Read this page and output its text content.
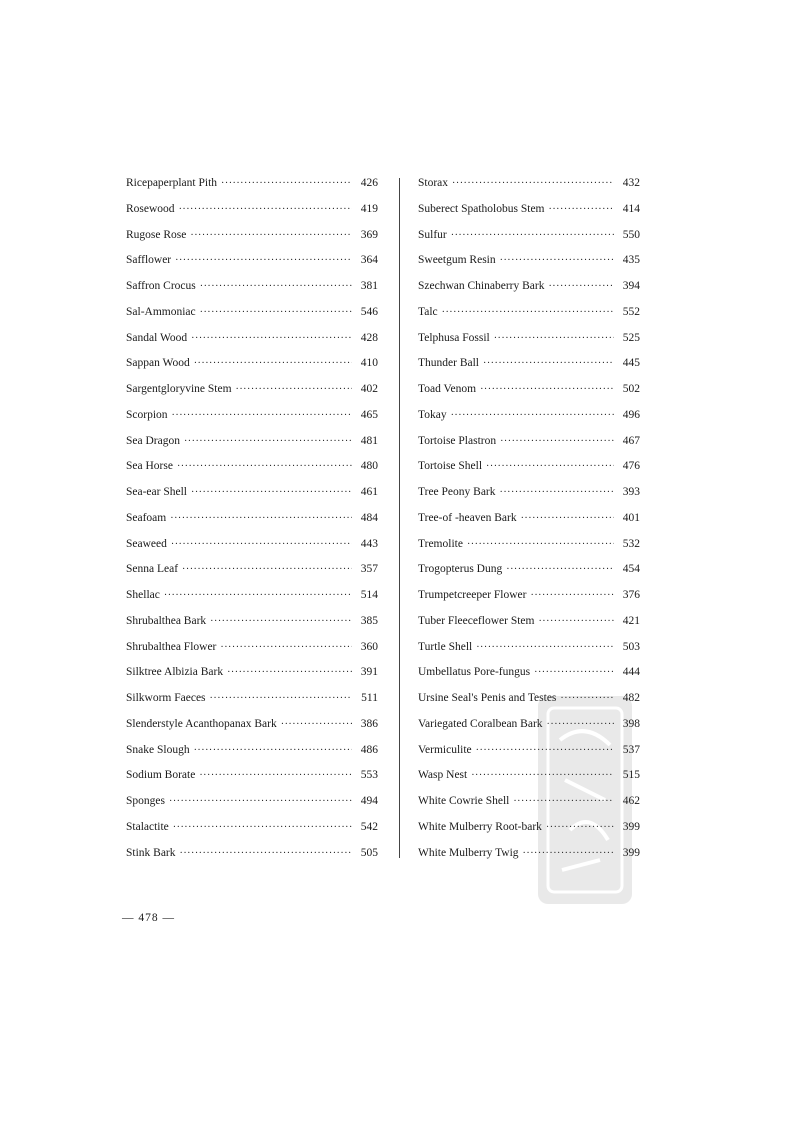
Ricepaperplant Pith ·····	426
Rosewood ·····	419
Rugose Rose ·····	369
Safflower ·····	364
Saffron Crocus ·····	381
Sal-Ammoniac ·····	546
Sandal Wood ·····	428
Sappan Wood ·····	410
Sargentgloryvine Stem ·····	402
Scorpion ·····	465
Sea Dragon ·····	481
Sea Horse ·····	480
Sea-ear Shell ·····	461
Seafoam ·····	484
Seaweed ·····	443
Senna Leaf ·····	357
Shellac ·····	514
Shrubalthea Bark ·····	385
Shrubalthea Flower ·····	360
Silktree Albizia Bark ·····	391
Silkworm Faeces ·····	511
Slenderstyle Acanthopanax Bark ·····	386
Snake Slough ·····	486
Sodium Borate ·····	553
Sponges ·····	494
Stalactite ·····	542
Stink Bark ·····	505
Storax ·····	432
Suberect Spatholobus Stem ·····	414
Sulfur ·····	550
Sweetgum Resin ·····	435
Szechwan Chinaberry Bark ·····	394
Talc ·····	552
Telphusa Fossil ·····	525
Thunder Ball ·····	445
Toad Venom ·····	502
Tokay ·····	496
Tortoise Plastron ·····	467
Tortoise Shell ·····	476
Tree Peony Bark ·····	393
Tree-of -heaven Bark ·····	401
Tremolite ·····	532
Trogopterus Dung ·····	454
Trumpetcreeper Flower ·····	376
Tuber Fleeceflower Stem ·····	421
Turtle Shell ·····	503
Umbellatus Pore-fungus ·····	444
Ursine Seal's Penis and Testes ·····	482
Variegated Coralbean Bark ·····	398
Vermiculite ·····	537
Wasp Nest ·····	515
White Cowrie Shell ·····	462
White Mulberry Root-bark ·····	399
White Mulberry Twig ·····	399
— 478 —
